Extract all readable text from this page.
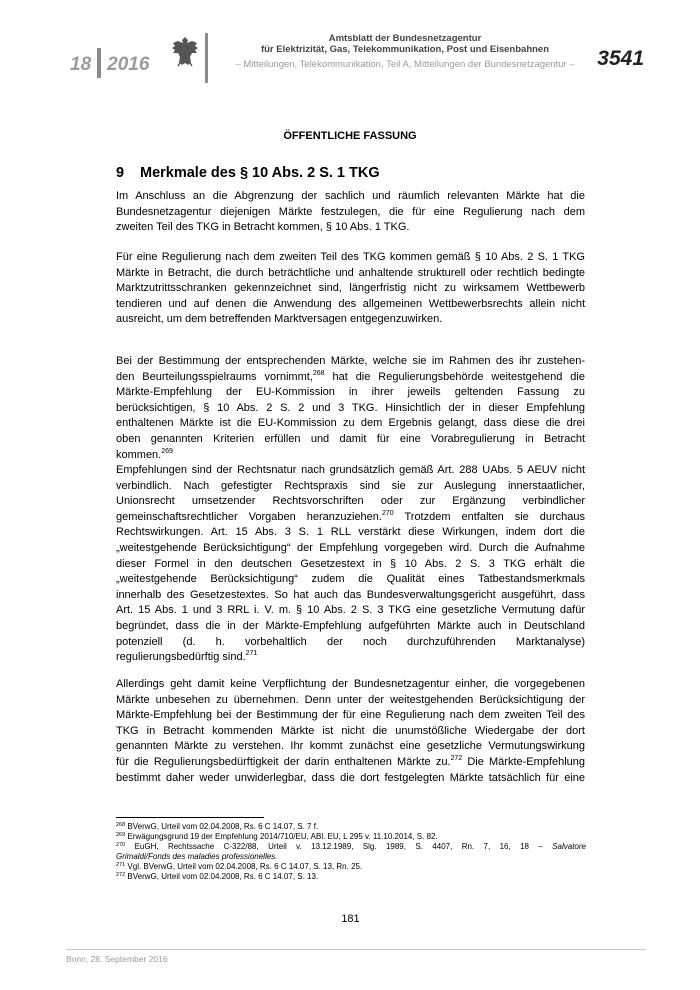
18 2016
Amtsblatt der Bundesnetzagentur
für Elektrizität, Gas, Telekommunikation, Post und Eisenbahnen
– Mitteilungen, Telekommunikation, Teil A, Mitteilungen der Bundesnetzagentur –	3541
ÖFFENTLICHE FASSUNG
9 Merkmale des § 10 Abs. 2 S. 1 TKG
Im Anschluss an die Abgrenzung der sachlich und räumlich relevanten Märkte hat die
Bundesnetzagentur diejenigen Märkte festzulegen, die für eine Regulierung nach dem
zweiten Teil des TKG in Betracht kommen, § 10 Abs. 1 TKG.
Für eine Regulierung nach dem zweiten Teil des TKG kommen gemäß § 10 Abs. 2 S. 1 TKG
Märkte in Betracht, die durch beträchtliche und anhaltende strukturell oder rechtlich bedingte
Marktzutrittsschranken gekennzeichnet sind, längerfristig nicht zu wirksamem Wettbewerb
tendieren und auf denen die Anwendung des allgemeinen Wettbewerbsrechts allein nicht
ausreicht, um dem betreffenden Marktversagen entgegenzuwirken.
Bei der Bestimmung der entsprechenden Märkte, welche sie im Rahmen des ihr zustehen-
den Beurteilungsspielraums vornimmt,$^{268}$ hat die Regulierungsbehörde weitestgehend die
Märkte-Empfehlung der EU-Kommission in ihrer jeweils geltenden Fassung zu
berücksichtigen, § 10 Abs. 2 S. 2 und 3 TKG. Hinsichtlich der in dieser Empfehlung
enthaltenen Märkte ist die EU-Kommission zu dem Ergebnis gelangt, dass diese die drei
oben genannten Kriterien erfüllen und damit für eine Vorabregulierung in Betracht
kommen.$^{269}$
Empfehlungen sind der Rechtsnatur nach grundsätzlich gemäß Art. 288 UAbs. 5 AEUV nicht
verbindlich. Nach gefestigter Rechtspraxis sind sie zur Auslegung innerstaatlicher,
Unionsrecht umsetzender Rechtsvorschriften oder zur Ergänzung verbindlicher
gemeinschaftsrechtlicher Vorgaben heranzuziehen.$^{270}$ Trotzdem entfalten sie durchaus
Rechtswirkungen. Art. 15 Abs. 3 S. 1 RLL verstärkt diese Wirkungen, indem dort die
„weitestgehende Berücksichtigung“ der Empfehlung vorgegeben wird. Durch die Aufnahme
dieser Formel in den deutschen Gesetzestext in § 10 Abs. 2 S. 3 TKG erhält die
„weitestgehende Berücksichtigung“ zudem die Qualität eines Tatbestandsmerkmals
innerhalb des Gesetzestextes. So hat auch das Bundesverwaltungsgericht ausgeführt, dass
Art. 15 Abs. 1 und 3 RRL i. V. m. § 10 Abs. 2 S. 3 TKG eine gesetzliche Vermutung dafür
begründet, dass die in der Märkte-Empfehlung aufgeführten Märkte auch in Deutschland
potenziell (d. h. vorbehaltlich der noch durchzuführenden Marktanalyse)
regulierungsbedürftig sind.$^{271}$
Allerdings geht damit keine Verpflichtung der Bundesnetzagentur einher, die vorgegebenen
Märkte unbesehen zu übernehmen. Denn unter der weitestgehenden Berücksichtigung der
Märkte-Empfehlung bei der Bestimmung der für eine Regulierung nach dem zweiten Teil des
TKG in Betracht kommenden Märkte ist nicht die unumstößliche Wiedergabe der dort
genannten Märkte zu verstehen. Ihr kommt zunächst eine gesetzliche Vermutungswirkung
für die Regulierungsbedürftigkeit der darin enthaltenen Märkte zu.$^{272}$ Die Märkte-Empfehlung
bestimmt daher weder unwiderlegbar, dass die dort festgelegten Märkte tatsächlich für eine
$^{268}$ BVerwG, Urteil vom 02.04.2008, Rs. 6 C 14.07, S. 7 f.
$^{269}$ Erwägungsgrund 19 der Empfehlung 2014/710/EU, ABl. EU, L 295 v. 11.10.2014, S. 82.
$^{270}$ EuGH, Rechtssache C-322/88, Urteil v. 13.12.1989, Slg. 1989, S. 4407, Rn. 7, 16, 18 – Salvatore
Grimaldi/Fonds des maladies professionelles.
$^{271}$ Vgl. BVerwG, Urteil vom 02.04.2008, Rs. 6 C 14.07, S. 13, Rn. 25.
$^{272}$ BVerwG, Urteil vom 02.04.2008, Rs. 6 C 14.07, S. 13.
181
Bonn, 28. September 2016
